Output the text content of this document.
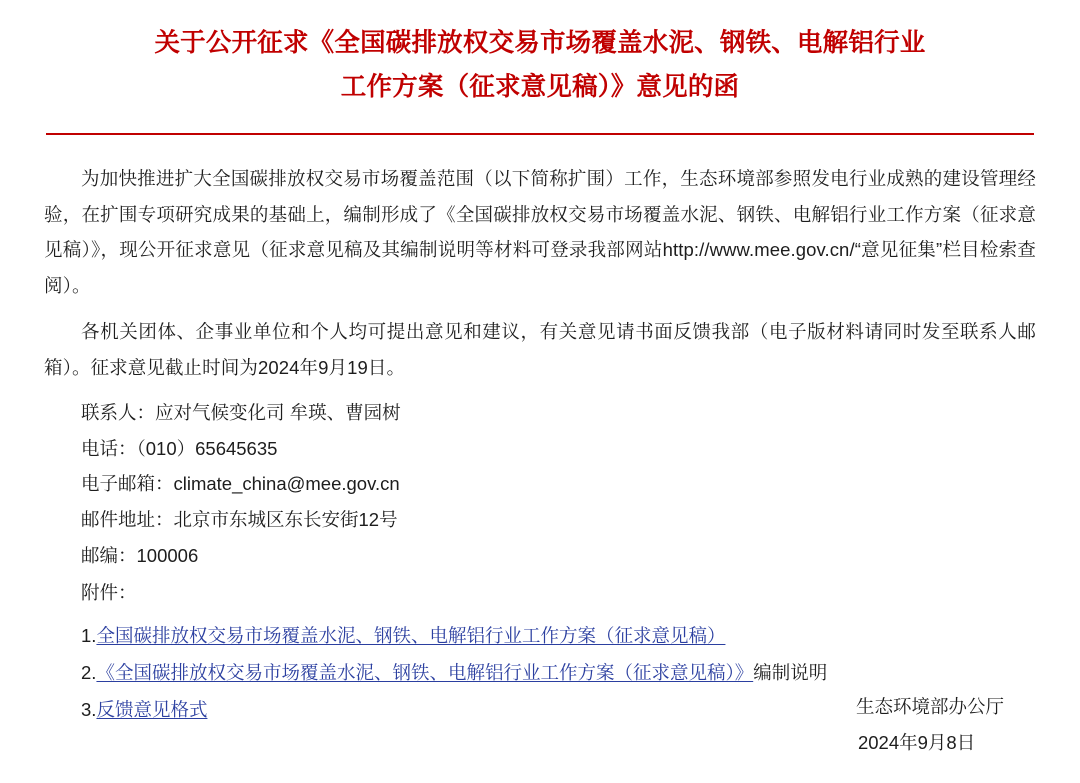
关于公开征求《全国碳排放权交易市场覆盖水泥、钢铁、电解铝行业
工作方案（征求意见稿）》意见的函

为加快推进扩大全国碳排放权交易市场覆盖范围（以下简称扩围）工作，生态环境部参照发电行业成熟的建设管理经验，在扩围专项研究成果的基础上，编制形成了《全国碳排放权交易市场覆盖水泥、钢铁、电解铝行业工作方案（征求意见稿）》，现公开征求意见（征求意见稿及其编制说明等材料可登录我部网站http://www.mee.gov.cn/“意见征集”栏目检索查阅）。

各机关团体、企事业单位和个人均可提出意见和建议，有关意见请书面反馈我部（电子版材料请同时发至联系人邮箱）。征求意见截止时间为2024年9月19日。

联系人：应对气候变化司 牟瑛、曹园树
电话：（010）65645635
电子邮箱：climate_china@mee.gov.cn
邮件地址：北京市东城区东长安街12号
邮编：100006
附件：
1.全国碳排放权交易市场覆盖水泥、钢铁、电解铝行业工作方案（征求意见稿）
2.《全国碳排放权交易市场覆盖水泥、钢铁、电解铝行业工作方案（征求意见稿）》编制说明
3.反馈意见格式	生态环境部办公厅
2024年9月8日
